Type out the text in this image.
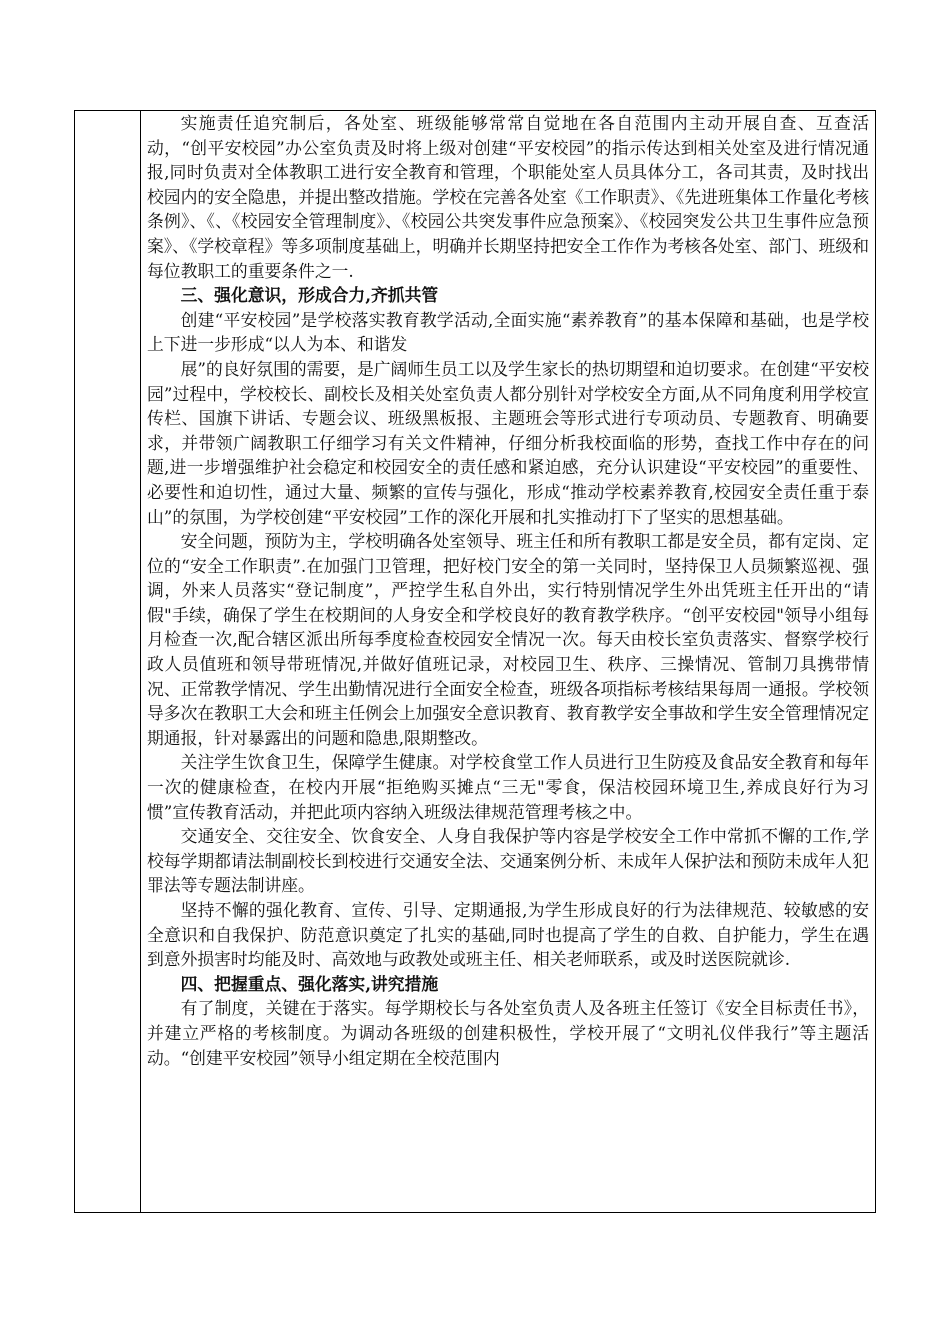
实施责任追究制后，各处室、班级能够常常自觉地在各自范围内主动开展自查、互查活动，“创平安校园”办公室负责及时将上级对创建“平安校园”的指示传达到相关处室及进行情况通报,同时负责对全体教职工进行安全教育和管理，个职能处室人员具体分工，各司其责，及时找出校园内的安全隐患，并提出整改措施。学校在完善各处室《工作职责》、《先进班集体工作量化考核条例》、《、《校园安全管理制度》、《校园公共突发事件应急预案》、《校园突发公共卫生事件应急预案》、《学校章程》等多项制度基础上，明确并长期坚持把安全工作作为考核各处室、部门、班级和每位教职工的重要条件之一.

三、强化意识，形成合力,齐抓共管

创建“平安校园”是学校落实教育教学活动,全面实施“素养教育”的基本保障和基础，也是学校上下进一步形成“以人为本、和谐发

展”的良好氛围的需要，是广阔师生员工以及学生家长的热切期望和迫切要求。在创建“平安校园”过程中，学校校长、副校长及相关处室负责人都分别针对学校安全方面,从不同角度利用学校宣传栏、国旗下讲话、专题会议、班级黑板报、主题班会等形式进行专项动员、专题教育、明确要求，并带领广阔教职工仔细学习有关文件精神，仔细分析我校面临的形势，查找工作中存在的问题,进一步增强维护社会稳定和校园安全的责任感和紧迫感，充分认识建设“平安校园”的重要性、必要性和迫切性，通过大量、频繁的宣传与强化，形成“推动学校素养教育,校园安全责任重于泰山”的氛围，为学校创建“平安校园”工作的深化开展和扎实推动打下了坚实的思想基础。

安全问题，预防为主，学校明确各处室领导、班主任和所有教职工都是安全员，都有定岗、定位的“安全工作职责”.在加强门卫管理，把好校门安全的第一关同时，坚持保卫人员频繁巡视、强调，外来人员落实“登记制度”，严控学生私自外出，实行特别情况学生外出凭班主任开出的“请假"手续，确保了学生在校期间的人身安全和学校良好的教育教学秩序。“创平安校园"领导小组每月检查一次,配合辖区派出所每季度检查校园安全情况一次。每天由校长室负责落实、督察学校行政人员值班和领导带班情况,并做好值班记录，对校园卫生、秩序、三操情况、管制刀具携带情况、正常教学情况、学生出勤情况进行全面安全检查，班级各项指标考核结果每周一通报。学校领导多次在教职工大会和班主任例会上加强安全意识教育、教育教学安全事故和学生安全管理情况定期通报，针对暴露出的问题和隐患,限期整改。

关注学生饮食卫生，保障学生健康。对学校食堂工作人员进行卫生防疫及食品安全教育和每年一次的健康检查，在校内开展“拒绝购买摊点“三无"零食，保洁校园环境卫生,养成良好行为习惯”宣传教育活动，并把此项内容纳入班级法律规范管理考核之中。

交通安全、交往安全、饮食安全、人身自我保护等内容是学校安全工作中常抓不懈的工作,学校每学期都请法制副校长到校进行交通安全法、交通案例分析、未成年人保护法和预防未成年人犯罪法等专题法制讲座。

坚持不懈的强化教育、宣传、引导、定期通报,为学生形成良好的行为法律规范、较敏感的安全意识和自我保护、防范意识奠定了扎实的基础,同时也提高了学生的自救、自护能力，学生在遇到意外损害时均能及时、高效地与政教处或班主任、相关老师联系，或及时送医院就诊.

四、把握重点、强化落实,讲究措施

有了制度，关键在于落实。每学期校长与各处室负责人及各班主任签订《安全目标责任书》，并建立严格的考核制度。为调动各班级的创建积极性，学校开展了“文明礼仪伴我行”等主题活动。“创建平安校园”领导小组定期在全校范围内
